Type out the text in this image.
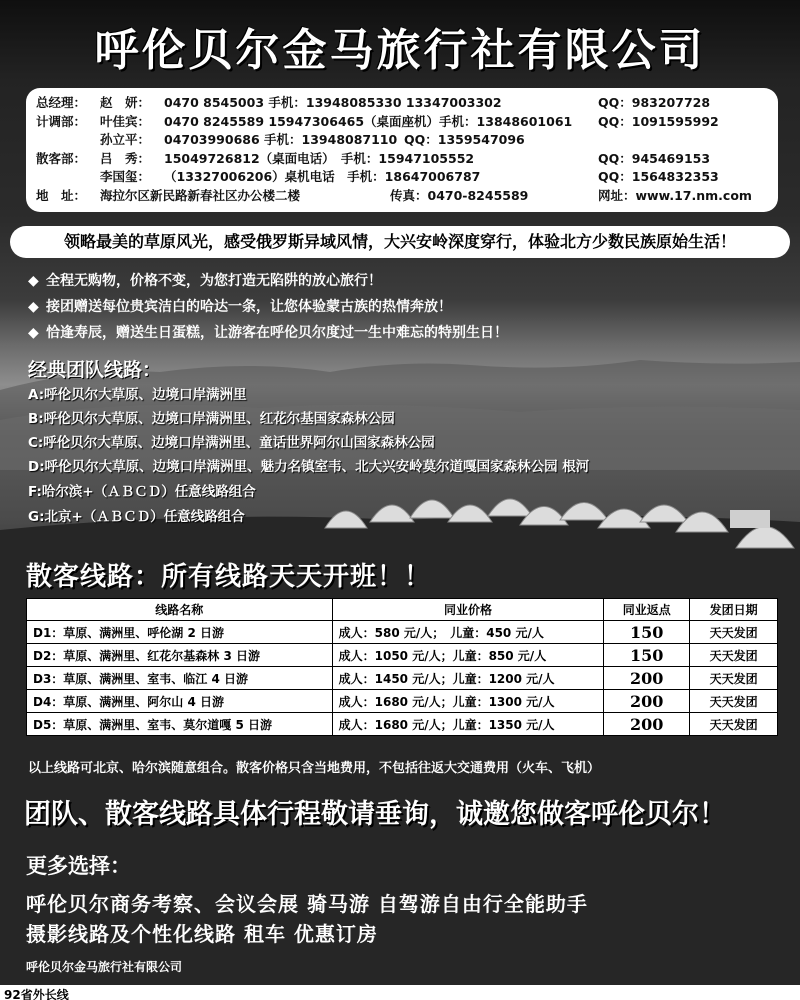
呼伦贝尔金马旅行社有限公司
总经理：	赵　妍：	0470 8545003 手机：13948085330 13347003302	QQ：983207728
计调部：	叶佳宾：	0470 8245589 15947306465（桌面座机）手机：13848601061	QQ：1091595992
孙立平：	04703990686 手机：13948087110 QQ：1359547096
散客部：	吕　秀：	15049726812（桌面电话）　手机：15947105552	QQ：945469153
李国玺：	（13327006206）桌机电话　手机：18647006787	QQ：1564832353
地　址：	海拉尔区新民路新春社区办公楼二楼	传真：0470-8245589	网址：www.17.nm.com
领略最美的草原风光，感受俄罗斯异域风情，大兴安岭深度穿行，体验北方少数民族原始生活！
◆ 全程无购物，价格不变，为您打造无陷阱的放心旅行！
◆ 接团赠送每位贵宾洁白的哈达一条，让您体验蒙古族的热情奔放！
◆ 恰逢寿辰，赠送生日蛋糕，让游客在呼伦贝尔度过一生中难忘的特别生日！
经典团队线路：
A:呼伦贝尔大草原、边境口岸满洲里
B:呼伦贝尔大草原、边境口岸满洲里、红花尔基国家森林公园
C:呼伦贝尔大草原、边境口岸满洲里、童话世界阿尔山国家森林公园
D:呼伦贝尔大草原、边境口岸满洲里、魅力名镇室韦、北大兴安岭莫尔道嘎国家森林公园 根河
F:哈尔滨+（ＡＢＣＤ）任意线路组合
G:北京+（ＡＢＣＤ）任意线路组合
散客线路：所有线路天天开班！！
线路名称	同业价格	同业返点	发团日期
D1：草原、满洲里、呼伦湖 2 日游	成人：580 元/人；　儿童：450 元/人	150	天天发团
D2：草原、满洲里、红花尔基森林 3 日游	成人：1050 元/人；儿童：850 元/人	150	天天发团
D3：草原、满洲里、室韦、临江 4 日游	成人：1450 元/人；儿童：1200 元/人	200	天天发团
D4：草原、满洲里、阿尔山 4 日游	成人：1680 元/人；儿童：1300 元/人	200	天天发团
D5：草原、满洲里、室韦、莫尔道嘎 5 日游	成人：1680 元/人；儿童：1350 元/人	200	天天发团
以上线路可北京、哈尔滨随意组合。散客价格只含当地费用，不包括往返大交通费用（火车、飞机）
团队、散客线路具体行程敬请垂询，诚邀您做客呼伦贝尔！
更多选择：
呼伦贝尔商务考察、会议会展 骑马游 自驾游自由行全能助手
摄影线路及个性化线路 租车 优惠订房
呼伦贝尔金马旅行社有限公司
92省外长线
